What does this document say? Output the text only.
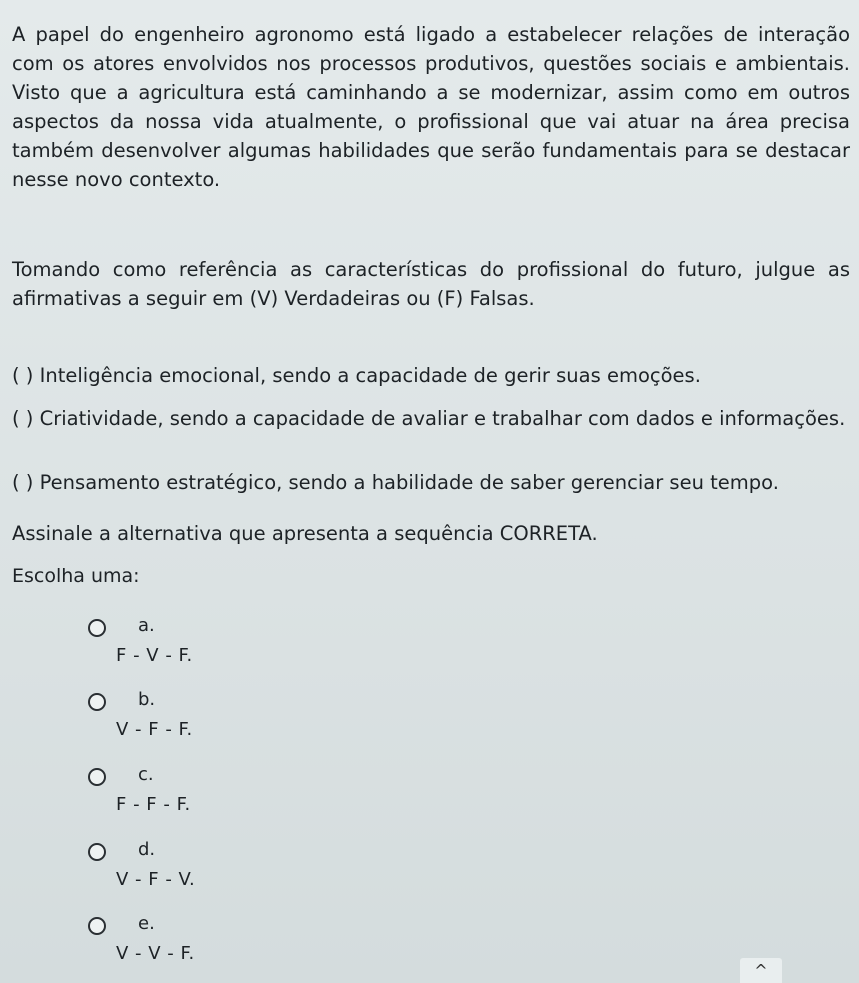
A papel do engenheiro agronomo está ligado a estabelecer relações de interação com os atores envolvidos nos processos produtivos, questões sociais e ambientais. Visto que a agricultura está caminhando a se modernizar, assim como em outros aspectos da nossa vida atualmente, o profissional que vai atuar na área precisa também desenvolver algumas habilidades que serão fundamentais para se destacar nesse novo contexto.
Tomando como referência as características do profissional do futuro, julgue as afirmativas a seguir em (V) Verdadeiras ou (F) Falsas.
( ) Inteligência emocional, sendo a capacidade de gerir suas emoções.
( ) Criatividade, sendo a capacidade de avaliar e trabalhar com dados e informações.
( ) Pensamento estratégico, sendo a habilidade de saber gerenciar seu tempo.
Assinale a alternativa que apresenta a sequência CORRETA.
Escolha uma:
a.
F - V - F.
b.
V - F - F.
c.
F - F - F.
d.
V - F - V.
e.
V - V - F.
^
